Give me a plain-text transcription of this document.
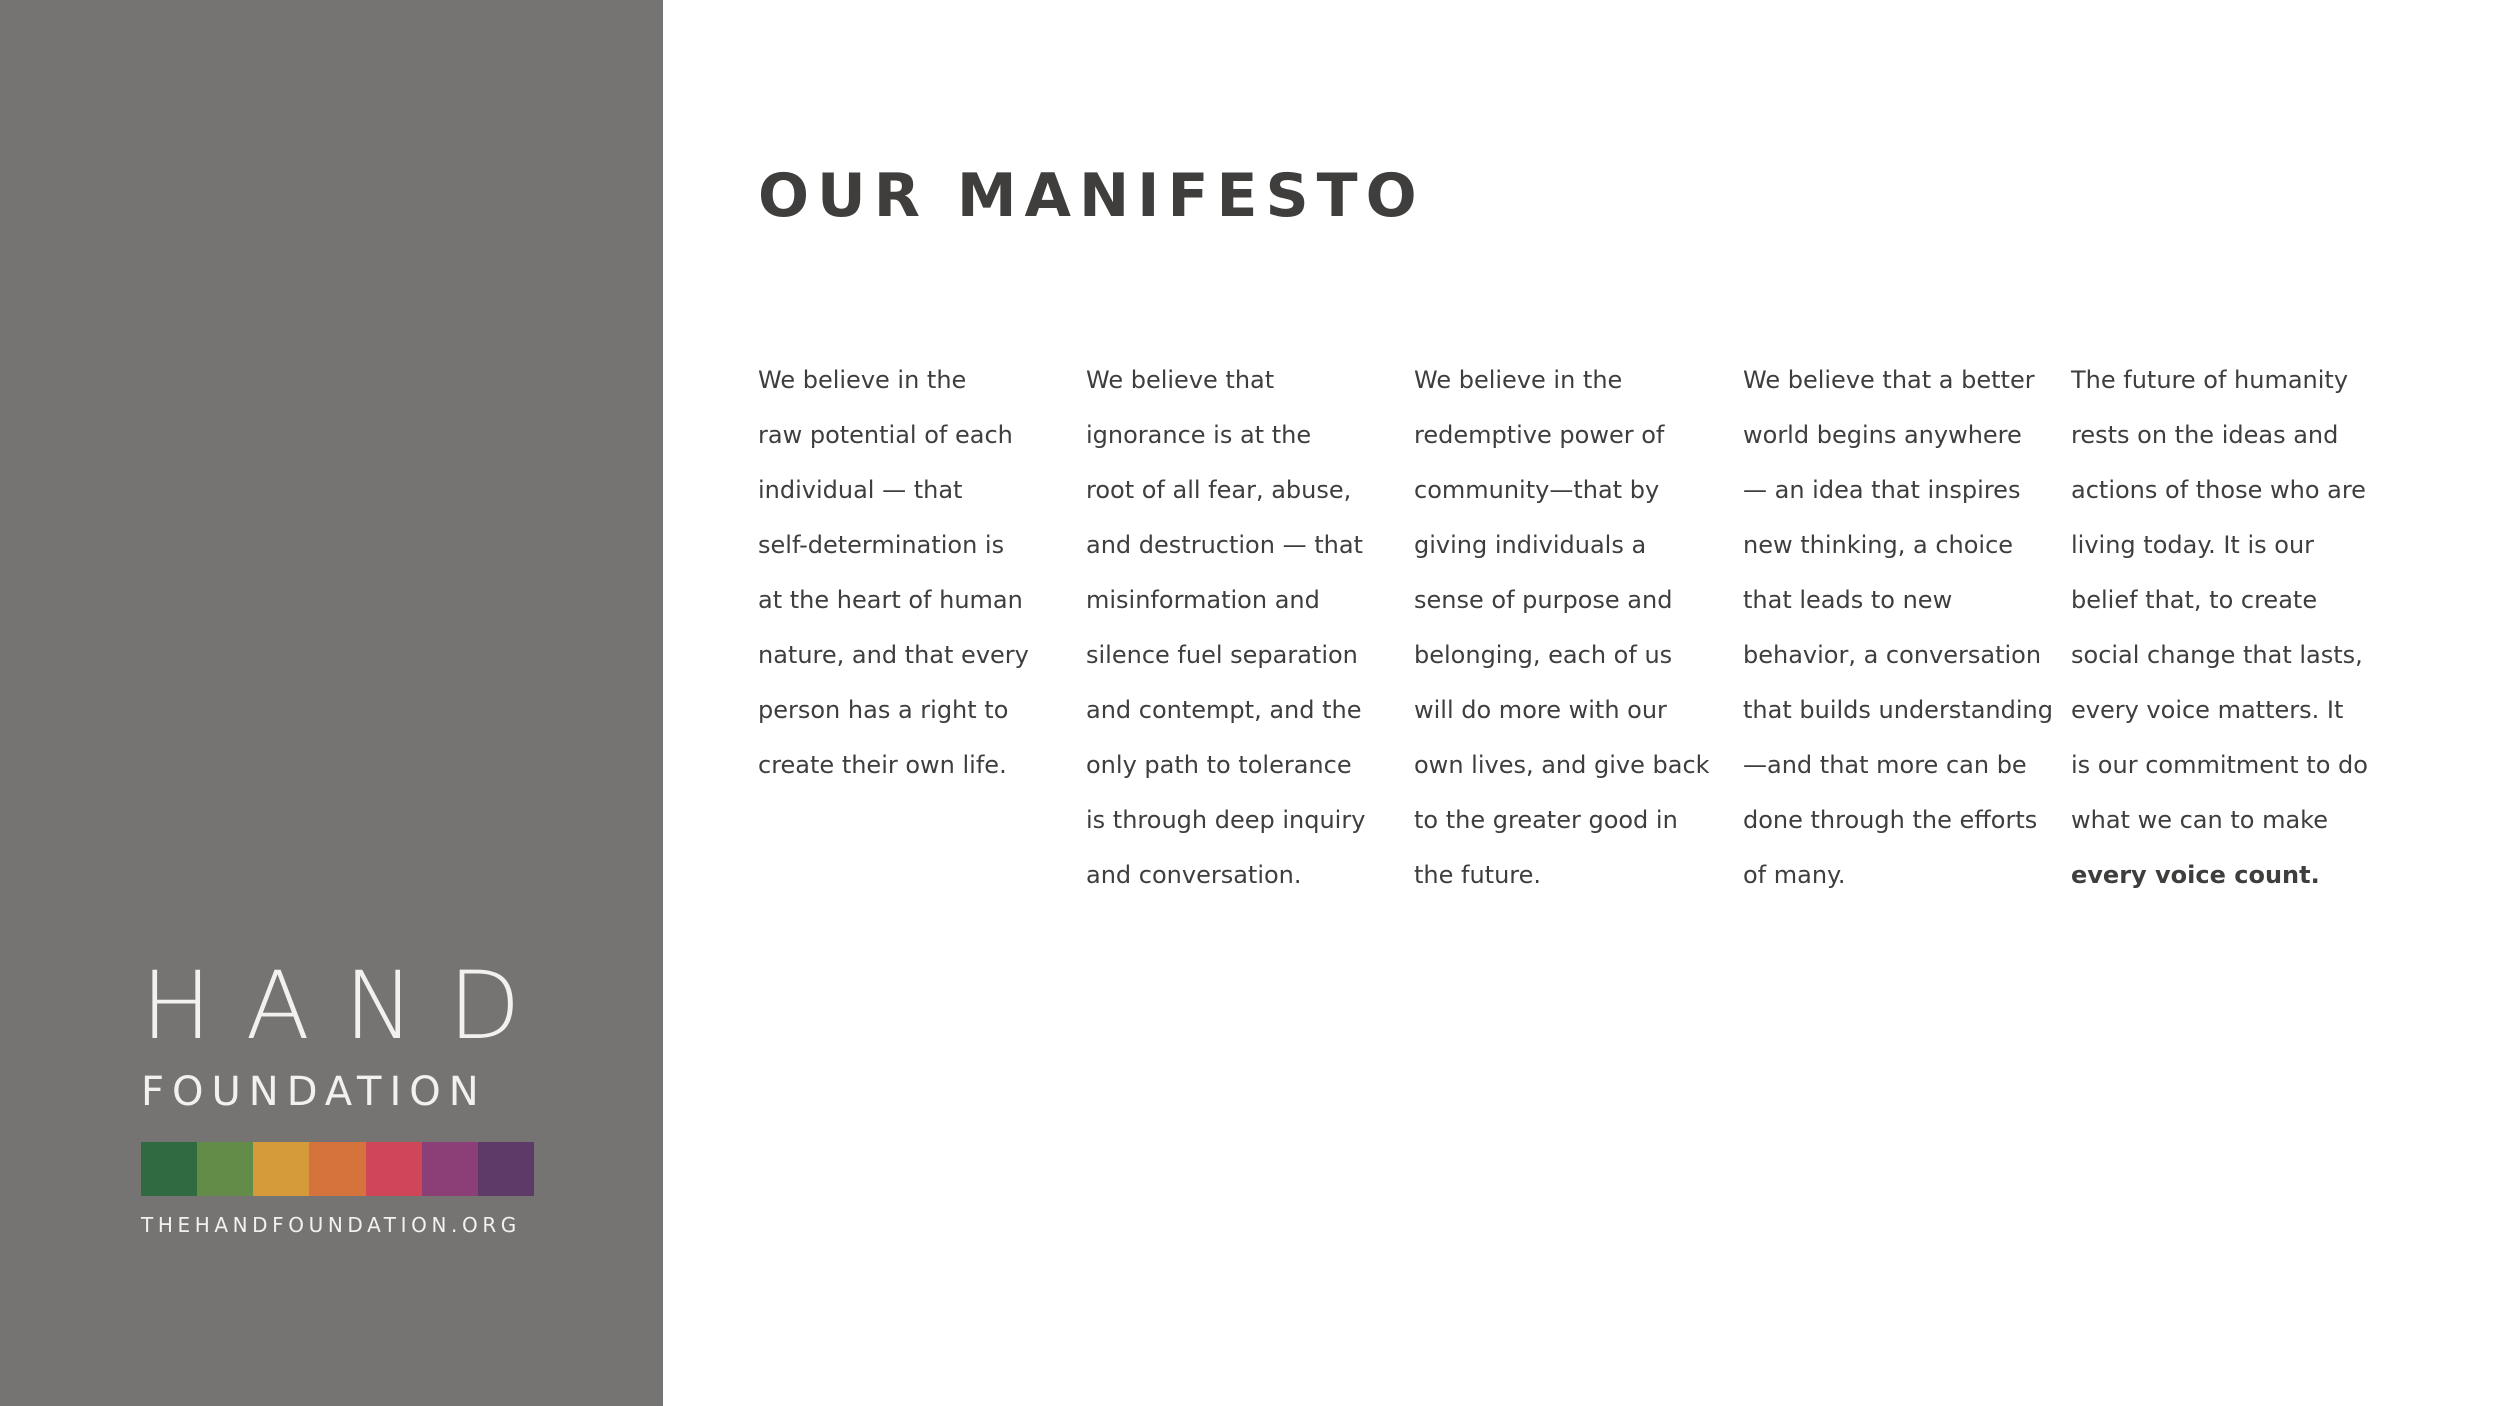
HAND
FOUNDATION
THEHANDFOUNDATION.ORG
OUR MANIFESTO
We believe in the
raw potential of each
individual — that
self-determination is
at the heart of human
nature, and that every
person has a right to
create their own life.
We believe that
ignorance is at the
root of all fear, abuse,
and destruction — that
misinformation and
silence fuel separation
and contempt, and the
only path to tolerance
is through deep inquiry
and conversation.
We believe in the
redemptive power of
community—that by
giving individuals a
sense of purpose and
belonging, each of us
will do more with our
own lives, and give back
to the greater good in
the future.
We believe that a better
world begins anywhere
— an idea that inspires
new thinking, a choice
that leads to new
behavior, a conversation
that builds understanding
—and that more can be
done through the efforts
of many.
The future of humanity
rests on the ideas and
actions of those who are
living today. It is our
belief that, to create
social change that lasts,
every voice matters. It
is our commitment to do
what we can to make
every voice count.
